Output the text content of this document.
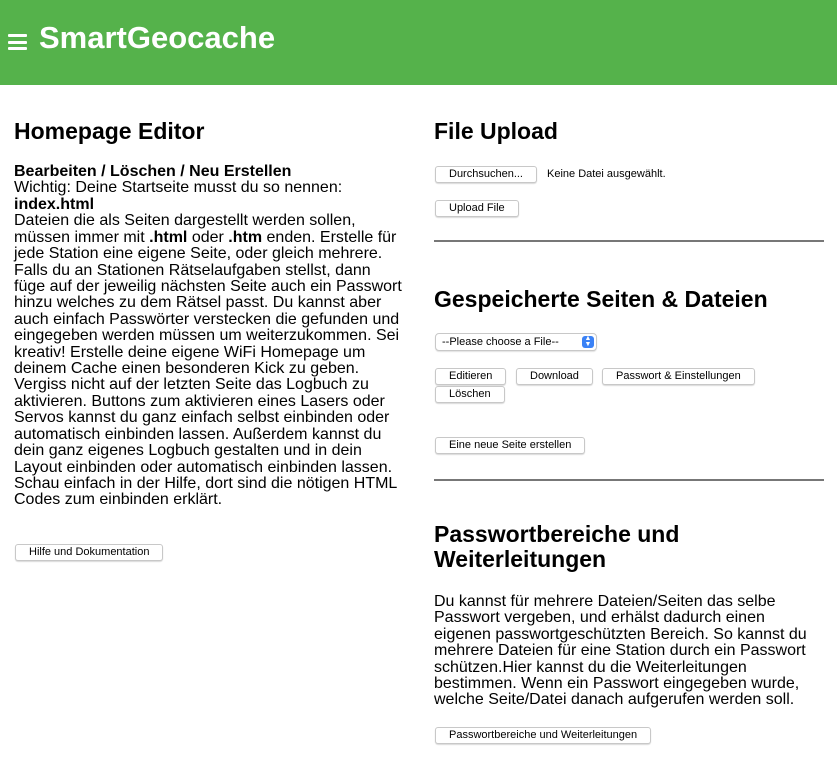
SmartGeocache
Homepage Editor
Bearbeiten / Löschen / Neu Erstellen
Wichtig: Deine Startseite musst du so nennen:
index.html
Dateien die als Seiten dargestellt werden sollen,
müssen immer mit .html oder .htm enden. Erstelle für
jede Station eine eigene Seite, oder gleich mehrere.
Falls du an Stationen Rätselaufgaben stellst, dann
füge auf der jeweilig nächsten Seite auch ein Passwort
hinzu welches zu dem Rätsel passt. Du kannst aber
auch einfach Passwörter verstecken die gefunden und
eingegeben werden müssen um weiterzukommen. Sei
kreativ! Erstelle deine eigene WiFi Homepage um
deinem Cache einen besonderen Kick zu geben.
Vergiss nicht auf der letzten Seite das Logbuch zu
aktivieren. Buttons zum aktivieren eines Lasers oder
Servos kannst du ganz einfach selbst einbinden oder
automatisch einbinden lassen. Außerdem kannst du
dein ganz eigenes Logbuch gestalten und in dein
Layout einbinden oder automatisch einbinden lassen.
Schau einfach in der Hilfe, dort sind die nötigen HTML
Codes zum einbinden erklärt.
Hilfe und Dokumentation
File Upload
Durchsuchen...	Keine Datei ausgewählt.
Upload File
Gespeicherte Seiten & Dateien
--Please choose a File--	▲
▼
Editieren	Download	Passwort & Einstellungen
Löschen
Eine neue Seite erstellen
Passwortbereiche und
Weiterleitungen
Du kannst für mehrere Dateien/Seiten das selbe
Passwort vergeben, und erhälst dadurch einen
eigenen passwortgeschützten Bereich. So kannst du
mehrere Dateien für eine Station durch ein Passwort
schützen.Hier kannst du die Weiterleitungen
bestimmen. Wenn ein Passwort eingegeben wurde,
welche Seite/Datei danach aufgerufen werden soll.
Passwortbereiche und Weiterleitungen
